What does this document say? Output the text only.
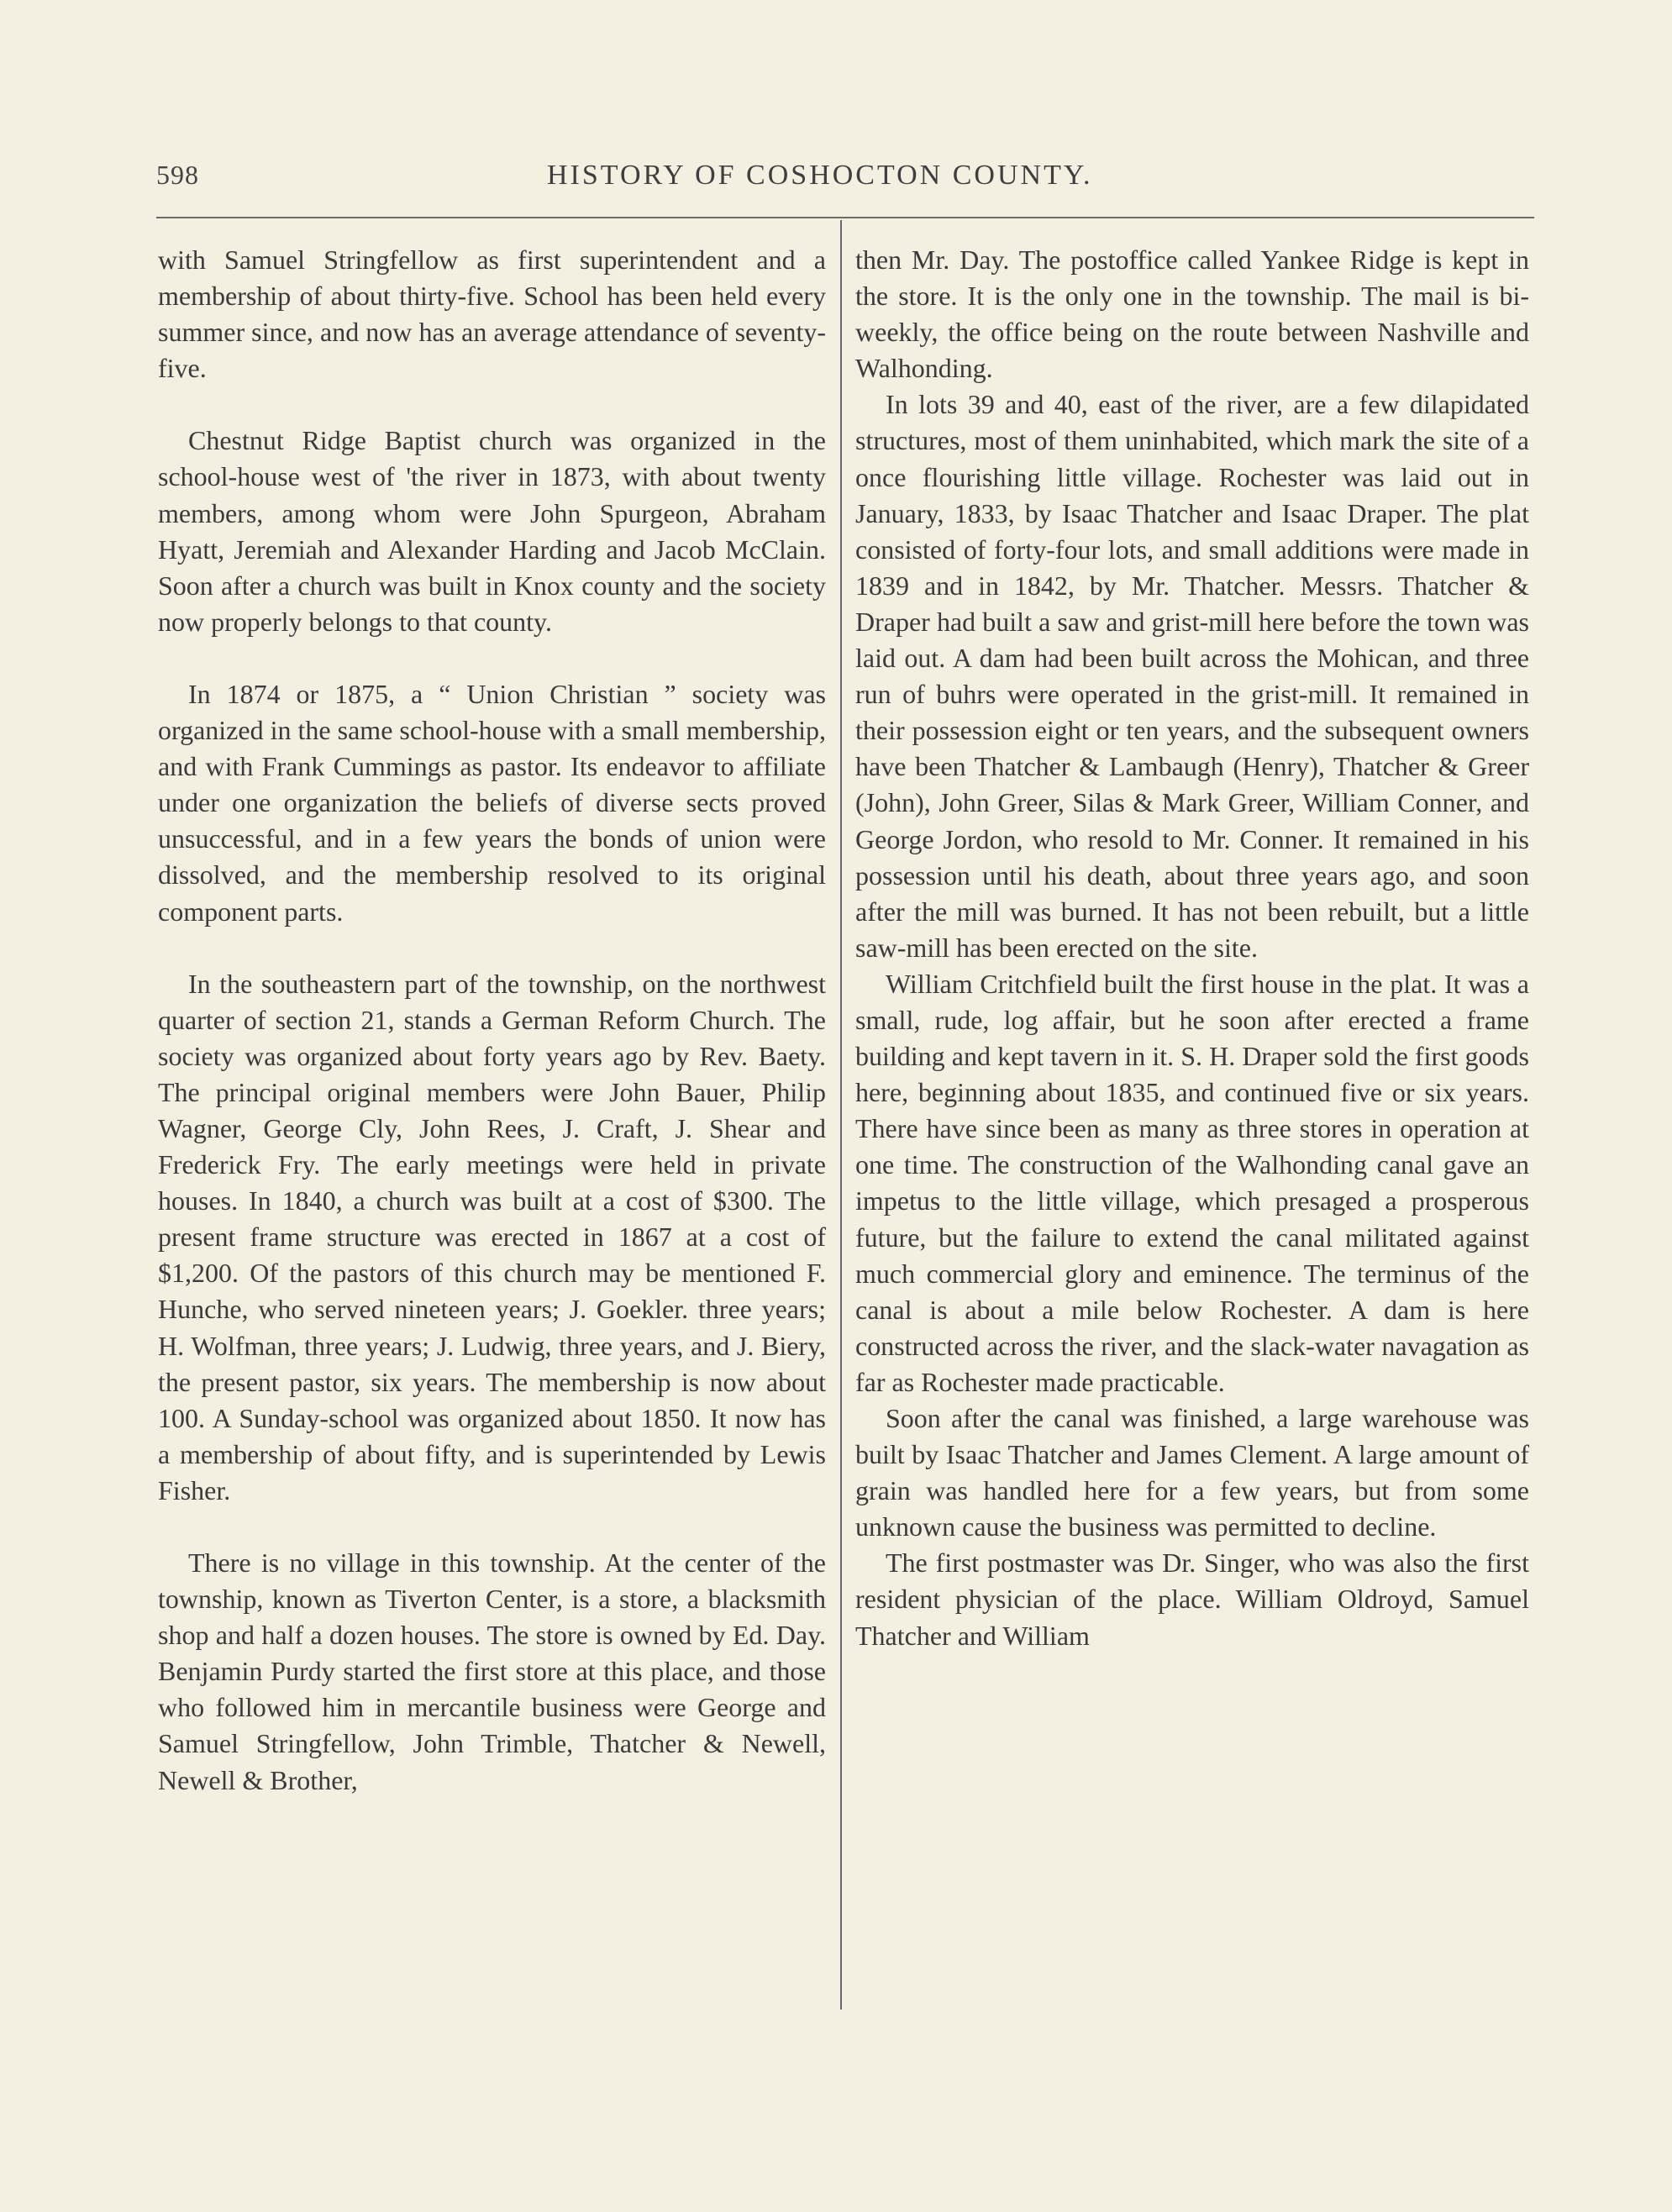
598	HISTORY OF COSHOCTON COUNTY.

with Samuel Stringfellow as first superintendent and a membership of about thirty-five. School has been held every summer since, and now has an average attendance of seventy-five.

Chestnut Ridge Baptist church was organized in the school-house west of 'the river in 1873, with about twenty members, among whom were John Spurgeon, Abraham Hyatt, Jeremiah and Alexander Harding and Jacob McClain. Soon after a church was built in Knox county and the society now properly belongs to that county.

In 1874 or 1875, a “ Union Christian ” society was organized in the same school-house with a small membership, and with Frank Cummings as pastor. Its endeavor to affiliate under one organization the beliefs of diverse sects proved unsuccessful, and in a few years the bonds of union were dissolved, and the membership resolved to its original component parts.

In the southeastern part of the township, on the northwest quarter of section 21, stands a German Reform Church. The society was organized about forty years ago by Rev. Baety. The principal original members were John Bauer, Philip Wagner, George Cly, John Rees, J. Craft, J. Shear and Frederick Fry. The early meetings were held in private houses. In 1840, a church was built at a cost of $300. The present frame structure was erected in 1867 at a cost of $1,200. Of the pastors of this church may be mentioned F. Hunche, who served nineteen years; J. Goekler. three years; H. Wolfman, three years; J. Ludwig, three years, and J. Biery, the present pastor, six years. The membership is now about 100. A Sunday-school was organized about 1850. It now has a membership of about fifty, and is superintended by Lewis Fisher.

There is no village in this township. At the center of the township, known as Tiverton Center, is a store, a blacksmith shop and half a dozen houses. The store is owned by Ed. Day. Benjamin Purdy started the first store at this place, and those who followed him in mercantile business were George and Samuel Stringfellow, John Trimble, Thatcher & Newell, Newell & Brother,

then Mr. Day. The postoffice called Yankee Ridge is kept in the store. It is the only one in the township. The mail is bi-weekly, the office being on the route between Nashville and Walhonding.

In lots 39 and 40, east of the river, are a few dilapidated structures, most of them uninhabited, which mark the site of a once flourishing little village. Rochester was laid out in January, 1833, by Isaac Thatcher and Isaac Draper. The plat consisted of forty-four lots, and small additions were made in 1839 and in 1842, by Mr. Thatcher. Messrs. Thatcher & Draper had built a saw and grist-mill here before the town was laid out. A dam had been built across the Mohican, and three run of buhrs were operated in the grist-mill. It remained in their possession eight or ten years, and the subsequent owners have been Thatcher & Lambaugh (Henry), Thatcher & Greer (John), John Greer, Silas & Mark Greer, William Conner, and George Jordon, who resold to Mr. Conner. It remained in his possession until his death, about three years ago, and soon after the mill was burned. It has not been rebuilt, but a little saw-mill has been erected on the site.

William Critchfield built the first house in the plat. It was a small, rude, log affair, but he soon after erected a frame building and kept tavern in it. S. H. Draper sold the first goods here, beginning about 1835, and continued five or six years. There have since been as many as three stores in operation at one time. The construction of the Walhonding canal gave an impetus to the little village, which presaged a prosperous future, but the failure to extend the canal militated against much commercial glory and eminence. The terminus of the canal is about a mile below Rochester. A dam is here constructed across the river, and the slack-water navagation as far as Rochester made practicable.

Soon after the canal was finished, a large warehouse was built by Isaac Thatcher and James Clement. A large amount of grain was handled here for a few years, but from some unknown cause the business was permitted to decline.

The first postmaster was Dr. Singer, who was also the first resident physician of the place. William Oldroyd, Samuel Thatcher and William
